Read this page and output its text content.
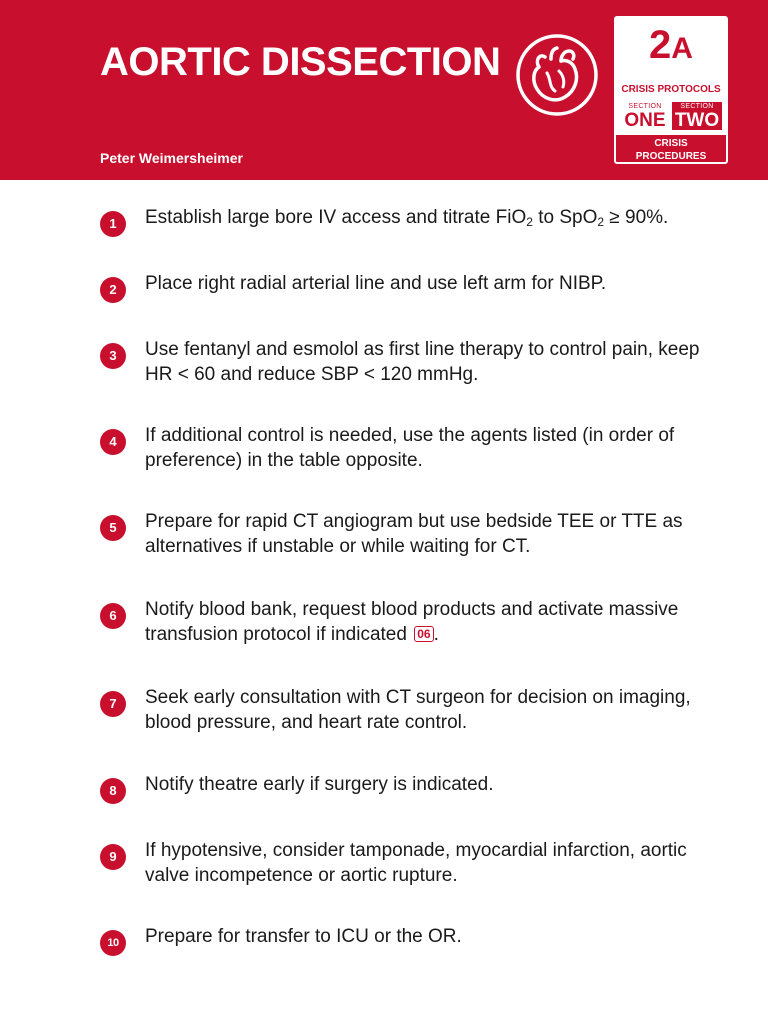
AORTIC DISSECTION
Peter Weimersheimer
2A
CRISIS PROTOCOLS
SECTION
ONE
SECTION
TWO
CRISIS
PROCEDURES
1	Establish large bore IV access and titrate FiO$_2$ to SpO$_2$ ≥ 90%.
2	Place right radial arterial line and use left arm for NIBP.
3	Use fentanyl and esmolol as first line therapy to control pain, keep HR < 60 and reduce SBP < 120 mmHg.
4	If additional control is needed, use the agents listed (in order of preference) in the table opposite.
5	Prepare for rapid CT angiogram but use bedside TEE or TTE as alternatives if unstable or while waiting for CT.
6	Notify blood bank, request blood products and activate massive transfusion protocol if indicated 06 .
7	Seek early consultation with CT surgeon for decision on imaging, blood pressure, and heart rate control.
8	Notify theatre early if surgery is indicated.
9	If hypotensive, consider tamponade, myocardial infarction, aortic valve incompetence or aortic rupture.
10	Prepare for transfer to ICU or the OR.
